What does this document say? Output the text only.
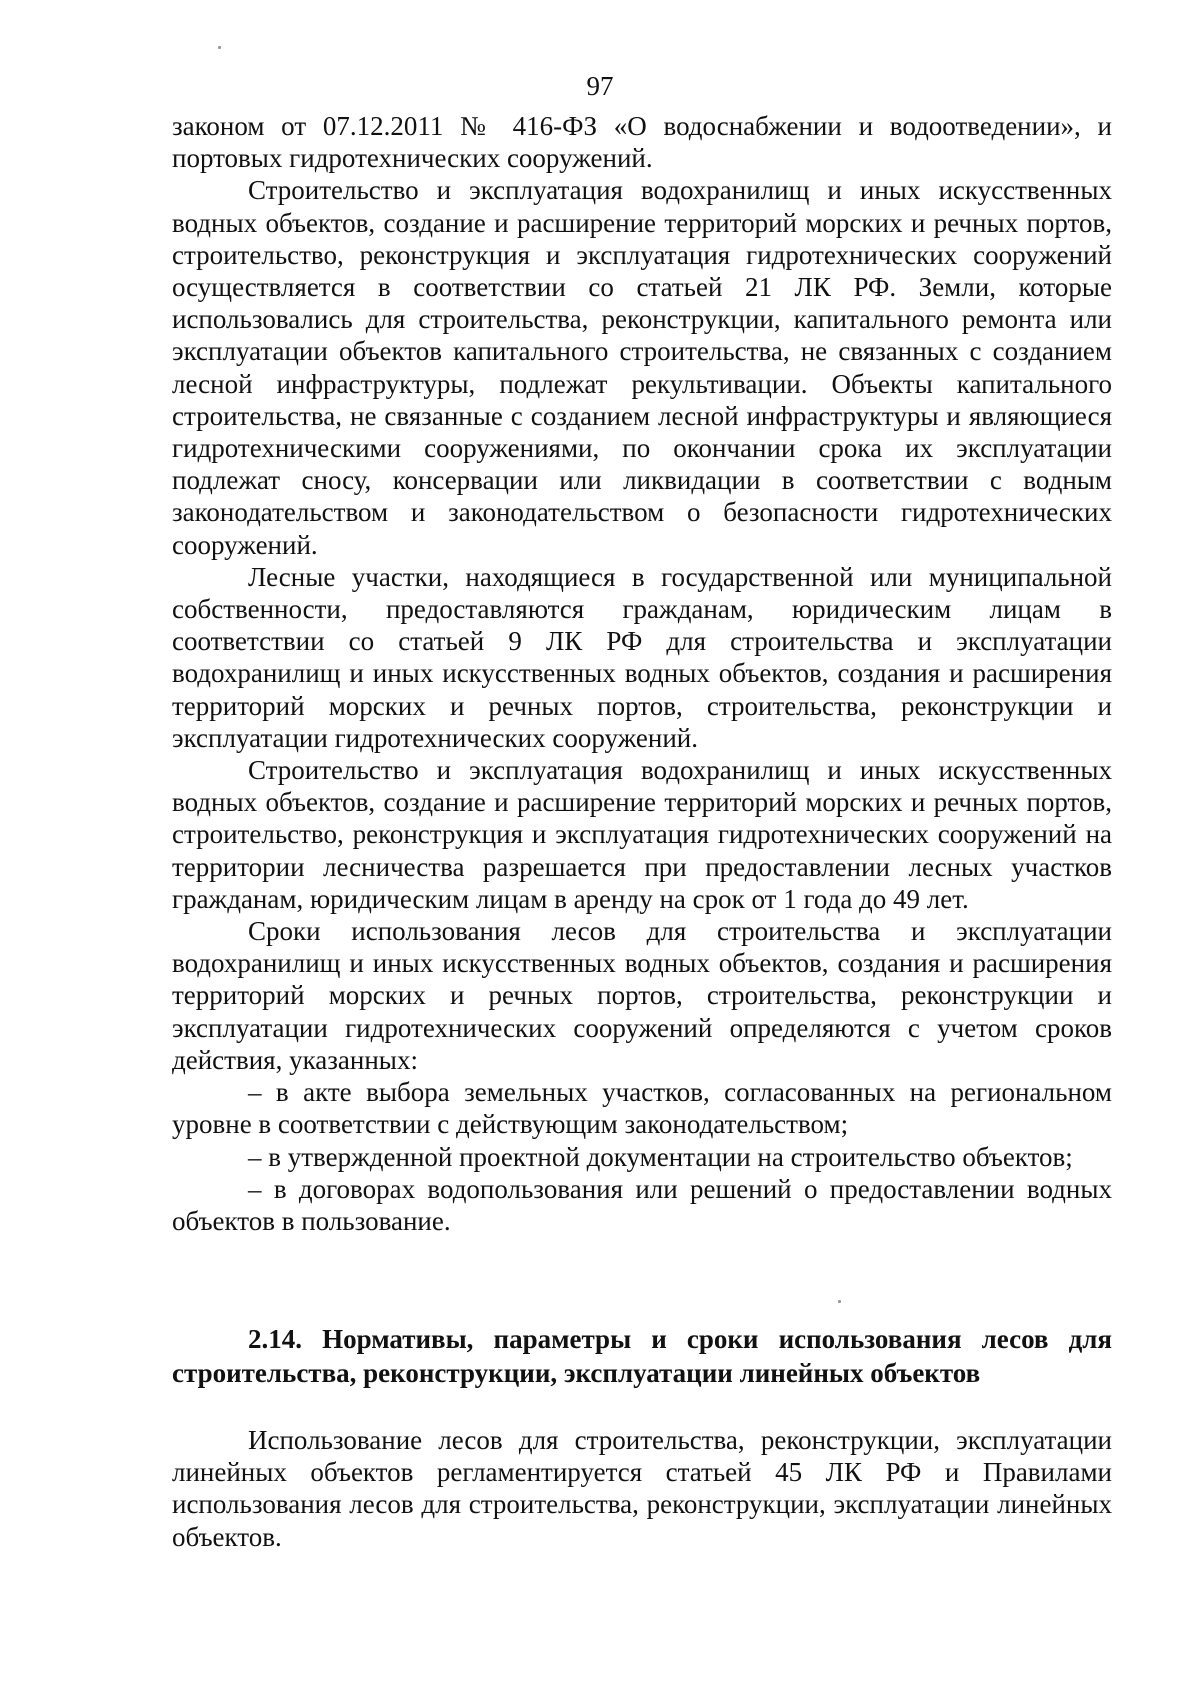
97

законом от 07.12.2011 № 416-ФЗ «О водоснабжении и водоотведении», и портовых гидротехнических сооружений.

Строительство и эксплуатация водохранилищ и иных искусственных водных объектов, создание и расширение территорий морских и речных портов, строительство, реконструкция и эксплуатация гидротехнических сооружений осуществляется в соответствии со статьей 21 ЛК РФ. Земли, которые использовались для строительства, реконструкции, капитального ремонта или эксплуатации объектов капитального строительства, не связанных с созданием лесной инфраструктуры, подлежат рекультивации. Объекты капитального строительства, не связанные с созданием лесной инфраструктуры и являющиеся гидротехническими сооружениями, по окончании срока их эксплуатации подлежат сносу, консервации или ликвидации в соответствии с водным законодательством и законодательством о безопасности гидротехнических сооружений.

Лесные участки, находящиеся в государственной или муниципальной собственности, предоставляются гражданам, юридическим лицам в соответствии со статьей 9 ЛК РФ для строительства и эксплуатации водохранилищ и иных искусственных водных объектов, создания и расширения территорий морских и речных портов, строительства, реконструкции и эксплуатации гидротехнических сооружений.

Строительство и эксплуатация водохранилищ и иных искусственных водных объектов, создание и расширение территорий морских и речных портов, строительство, реконструкция и эксплуатация гидротехнических сооружений на территории лесничества разрешается при предоставлении лесных участков гражданам, юридическим лицам в аренду на срок от 1 года до 49 лет.

Сроки использования лесов для строительства и эксплуатации водохранилищ и иных искусственных водных объектов, создания и расширения территорий морских и речных портов, строительства, реконструкции и эксплуатации гидротехнических сооружений определяются с учетом сроков действия, указанных:

– в акте выбора земельных участков, согласованных на региональном уровне в соответствии с действующим законодательством;

– в утвержденной проектной документации на строительство объектов;

– в договорах водопользования или решений о предоставлении водных объектов в пользование.

2.14. Нормативы, параметры и сроки использования лесов для строительства, реконструкции, эксплуатации линейных объектов

Использование лесов для строительства, реконструкции, эксплуатации линейных объектов регламентируется статьей 45 ЛК РФ и Правилами использования лесов для строительства, реконструкции, эксплуатации линейных объектов.
